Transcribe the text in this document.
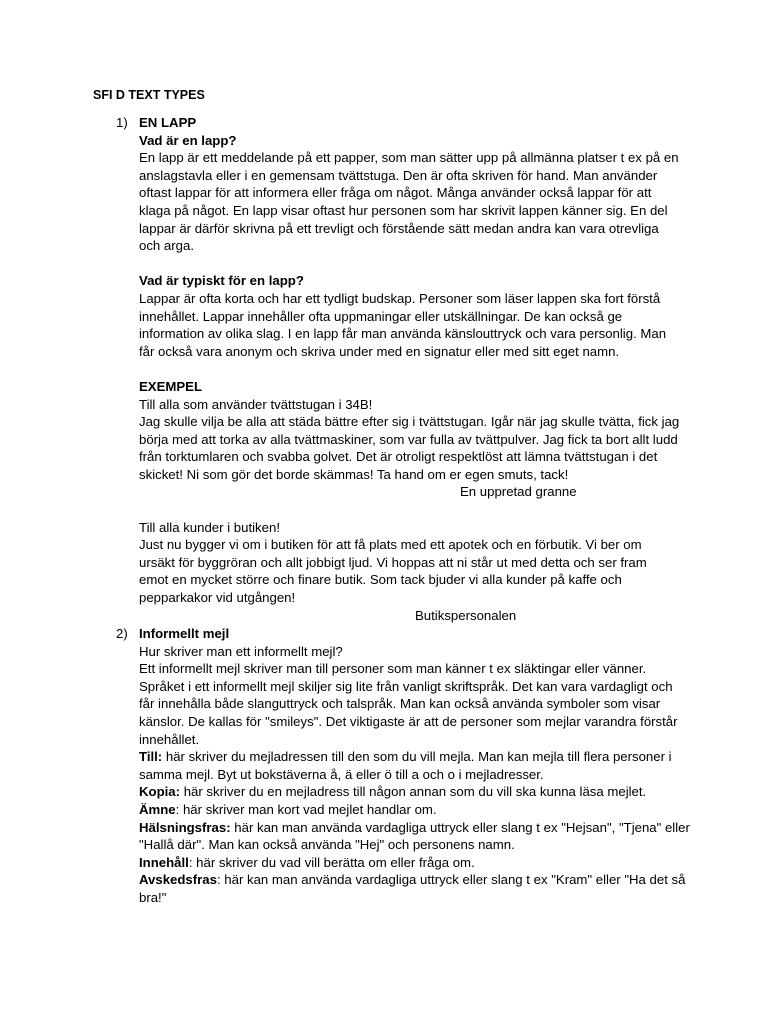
SFI D TEXT TYPES
1) EN LAPP
Vad är en lapp?
En lapp är ett meddelande på ett papper, som man sätter upp på allmänna platser t ex på en
anslagstavla eller i en gemensam tvättstuga. Den är ofta skriven för hand. Man använder
oftast lappar för att informera eller fråga om något. Många använder också lappar för att
klaga på något. En lapp visar oftast hur personen som har skrivit lappen känner sig. En del
lappar är därför skrivna på ett trevligt och förstående sätt medan andra kan vara otrevliga
och arga.
Vad är typiskt för en lapp?
Lappar är ofta korta och har ett tydligt budskap. Personer som läser lappen ska fort förstå
innehållet. Lappar innehåller ofta uppmaningar eller utskällningar. De kan också ge
information av olika slag. I en lapp får man använda känslouttryck och vara personlig. Man
får också vara anonym och skriva under med en signatur eller med sitt eget namn.
EXEMPEL
Till alla som använder tvättstugan i 34B!
Jag skulle vilja be alla att städa bättre efter sig i tvättstugan. Igår när jag skulle tvätta, fick jag
börja med att torka av alla tvättmaskiner, som var fulla av tvättpulver. Jag fick ta bort allt ludd
från torktumlaren och svabba golvet. Det är otroligt respektlöst att lämna tvättstugan i det
skicket! Ni som gör det borde skämmas! Ta hand om er egen smuts, tack!
En uppretad granne
Till alla kunder i butiken!
Just nu bygger vi om i butiken för att få plats med ett apotek och en förbutik. Vi ber om
ursäkt för byggröran och allt jobbigt ljud. Vi hoppas att ni står ut med detta och ser fram
emot en mycket större och finare butik. Som tack bjuder vi alla kunder på kaffe och
pepparkakor vid utgången!
Butikspersonalen
2) Informellt mejl
Hur skriver man ett informellt mejl?
Ett informellt mejl skriver man till personer som man känner t ex släktingar eller vänner.
Språket i ett informellt mejl skiljer sig lite från vanligt skriftspråk. Det kan vara vardagligt och
får innehålla både slanguttryck och talspråk. Man kan också använda symboler som visar
känslor. De kallas för "smileys". Det viktigaste är att de personer som mejlar varandra förstår
innehållet.
Till: här skriver du mejladressen till den som du vill mejla. Man kan mejla till flera personer i
samma mejl. Byt ut bokstäverna å, ä eller ö till a och o i mejladresser.
Kopia: här skriver du en mejladress till någon annan som du vill ska kunna läsa mejlet.
Ämne: här skriver man kort vad mejlet handlar om.
Hälsningsfras: här kan man använda vardagliga uttryck eller slang t ex "Hejsan", "Tjena" eller
"Hallå där". Man kan också använda "Hej" och personens namn.
Innehåll: här skriver du vad vill berätta om eller fråga om.
Avskedsfras: här kan man använda vardagliga uttryck eller slang t ex "Kram" eller "Ha det så
bra!"
